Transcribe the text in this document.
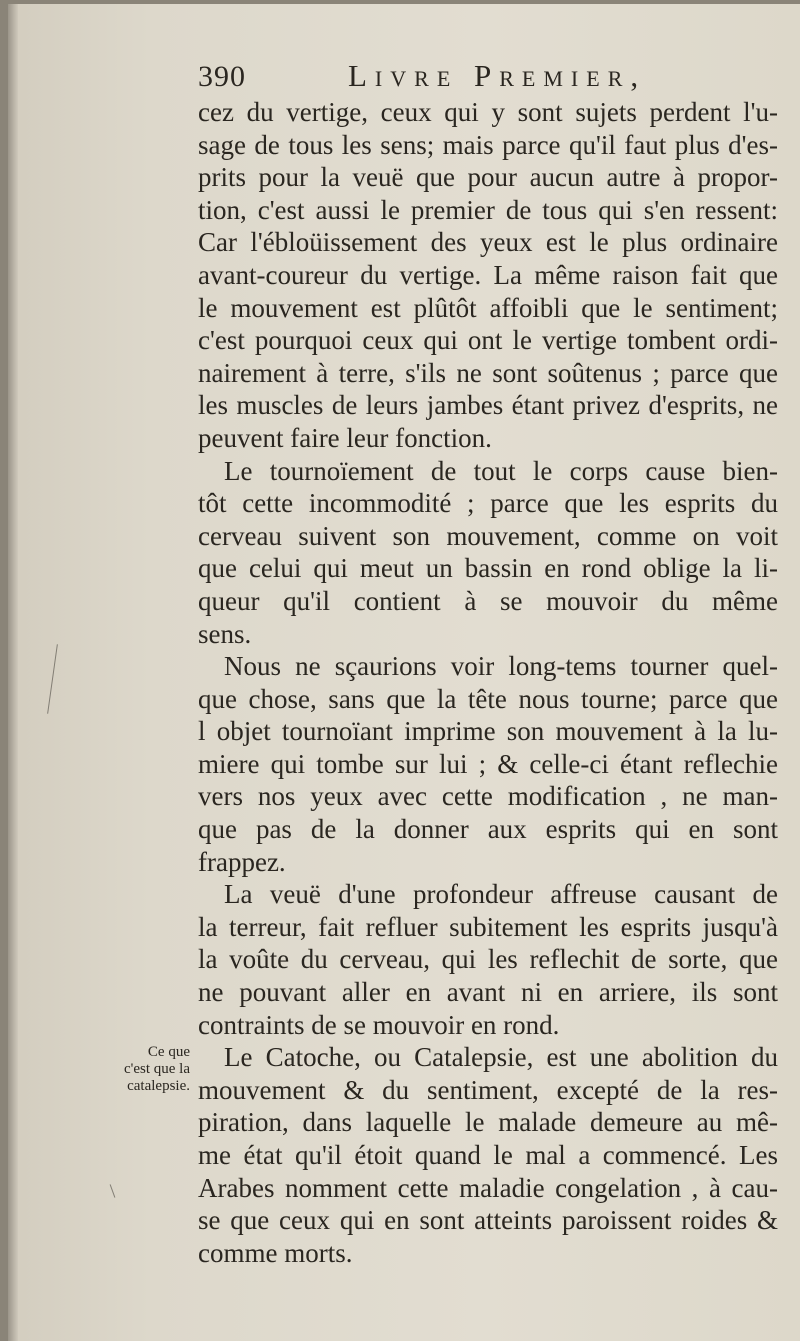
390	Livre Premier,
cez du vertige, ceux qui y sont sujets perdent l'u-
sage de tous les sens; mais parce qu'il faut plus d'es-
prits pour la veuë que pour aucun autre à propor-
tion, c'est aussi le premier de tous qui s'en ressent:
Car l'ébloüissement des yeux est le plus ordinaire
avant-coureur du vertige. La même raison fait que
le mouvement est plûtôt affoibli que le sentiment;
c'est pourquoi ceux qui ont le vertige tombent ordi-
nairement à terre, s'ils ne sont soûtenus ; parce que
les muscles de leurs jambes étant privez d'esprits, ne
peuvent faire leur fonction.
Le tournoïement de tout le corps cause bien-
tôt cette incommodité ; parce que les esprits du
cerveau suivent son mouvement, comme on voit
que celui qui meut un bassin en rond oblige la li-
queur qu'il contient à se mouvoir du même
sens.
Nous ne sçaurions voir long-tems tourner quel-
que chose, sans que la tête nous tourne; parce que
l objet tournoïant imprime son mouvement à la lu-
miere qui tombe sur lui ; & celle-ci étant reflechie
vers nos yeux avec cette modification , ne man-
que pas de la donner aux esprits qui en sont
frappez.
La veuë d'une profondeur affreuse causant de
la terreur, fait refluer subitement les esprits jusqu'à
la voûte du cerveau, qui les reflechit de sorte, que
ne pouvant aller en avant ni en arriere, ils sont
contraints de se mouvoir en rond.
Le Catoche, ou Catalepsie, est une abolition du
mouvement & du sentiment, excepté de la res-
piration, dans laquelle le malade demeure au mê-
me état qu'il étoit quand le mal a commencé. Les
Arabes nomment cette maladie congelation , à cau-
se que ceux qui en sont atteints paroissent roides &
comme morts.
Ce que
c'est que la
catalepsie.
